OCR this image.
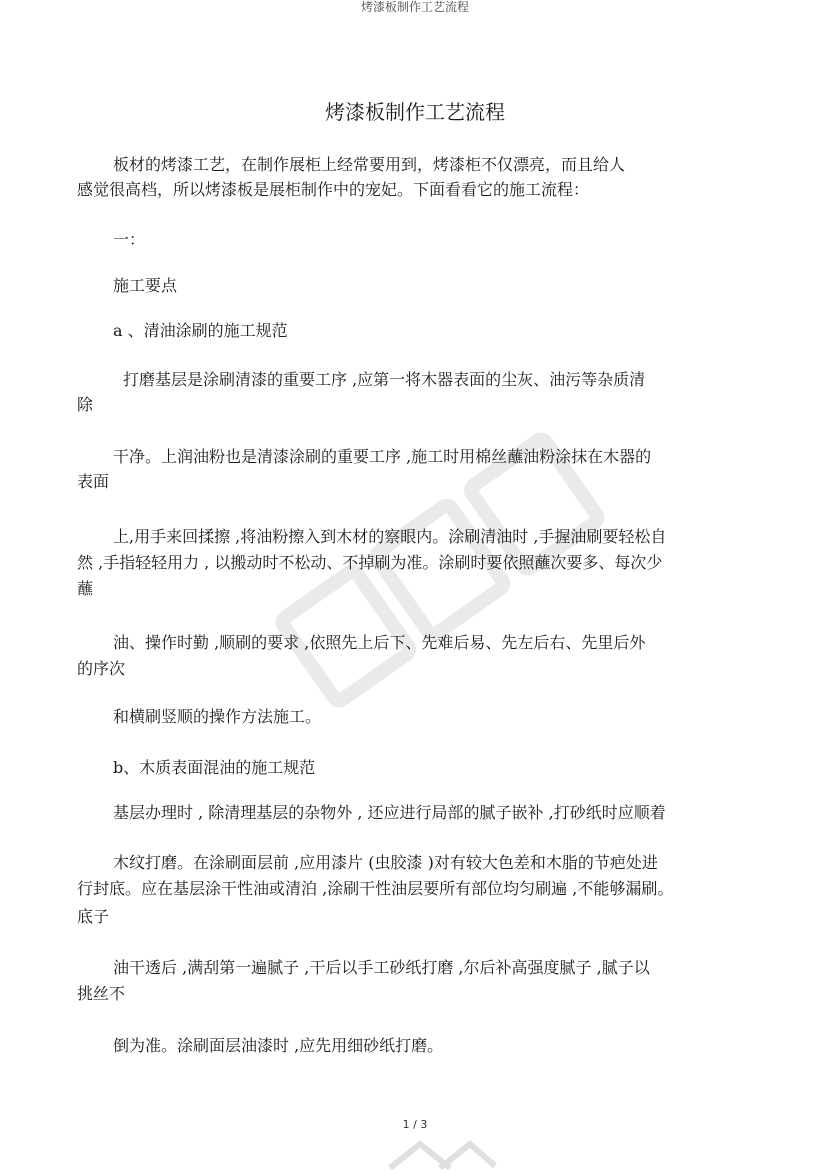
烤漆板制作工艺流程
烤漆板制作工艺流程

板材的烤漆工艺，在制作展柜上经常要用到，烤漆柜不仅漂亮，而且给人

感觉很高档，所以烤漆板是展柜制作中的宠妃。下面看看它的施工流程：

一：

施工要点

a 、清油涂刷的施工规范

打磨基层是涂刷清漆的重要工序 ,应第一将木器表面的尘灰、油污等杂质清

除

干净。上润油粉也是清漆涂刷的重要工序 ,施工时用棉丝蘸油粉涂抹在木器的

表面

上,用手来回揉擦 ,将油粉擦入到木材的察眼内。涂刷清油时 ,手握油刷要轻松自

然 ,手指轻轻用力 , 以搬动时不松动、不掉刷为准。涂刷时要依照蘸次要多、每次少

蘸

油、操作时勤 ,顺刷的要求 ,依照先上后下、先难后易、先左后右、先里后外

的序次

和横刷竖顺的操作方法施工。

b、木质表面混油的施工规范

基层办理时 , 除清理基层的杂物外 , 还应进行局部的腻子嵌补 ,打砂纸时应顺着

木纹打磨。在涂刷面层前 ,应用漆片 (虫胶漆 )对有较大色差和木脂的节疤处进

行封底。应在基层涂干性油或清泊 ,涂刷干性油层要所有部位均匀刷遍 ,不能够漏刷。

底子

油干透后 ,满刮第一遍腻子 ,干后以手工砂纸打磨 ,尔后补高强度腻子 ,腻子以

挑丝不

倒为准。涂刷面层油漆时 ,应先用细砂纸打磨。

1 / 3
